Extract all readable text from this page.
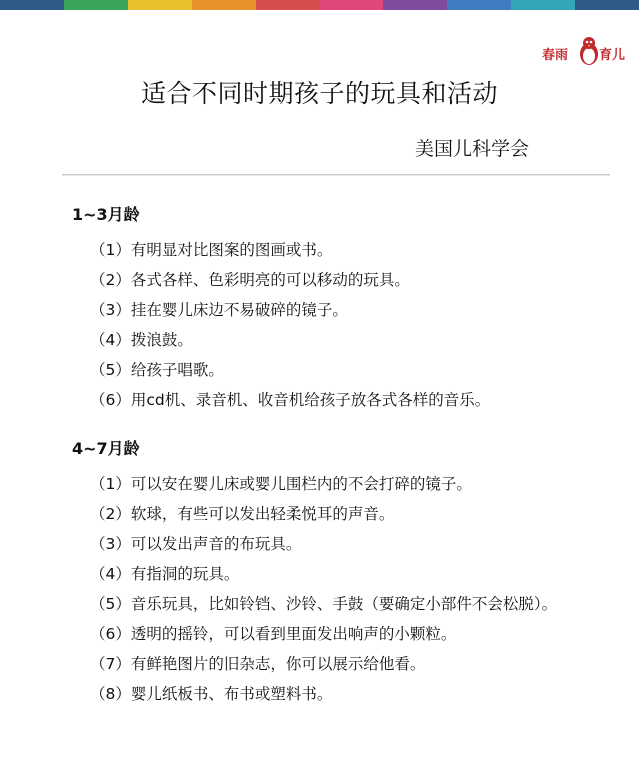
春雨 育儿
适合不同时期孩子的玩具和活动
美国儿科学会
1~3月龄
（1）有明显对比图案的图画或书。
（2）各式各样、色彩明亮的可以移动的玩具。
（3）挂在婴儿床边不易破碎的镜子。
（4）拨浪鼓。
（5）给孩子唱歌。
（6）用cd机、录音机、收音机给孩子放各式各样的音乐。
4~7月龄
（1）可以安在婴儿床或婴儿围栏内的不会打碎的镜子。
（2）软球，有些可以发出轻柔悦耳的声音。
（3）可以发出声音的布玩具。
（4）有指洞的玩具。
（5）音乐玩具，比如铃铛、沙铃、手鼓（要确定小部件不会松脱）。
（6）透明的摇铃，可以看到里面发出响声的小颗粒。
（7）有鲜艳图片的旧杂志，你可以展示给他看。
（8）婴儿纸板书、布书或塑料书。
